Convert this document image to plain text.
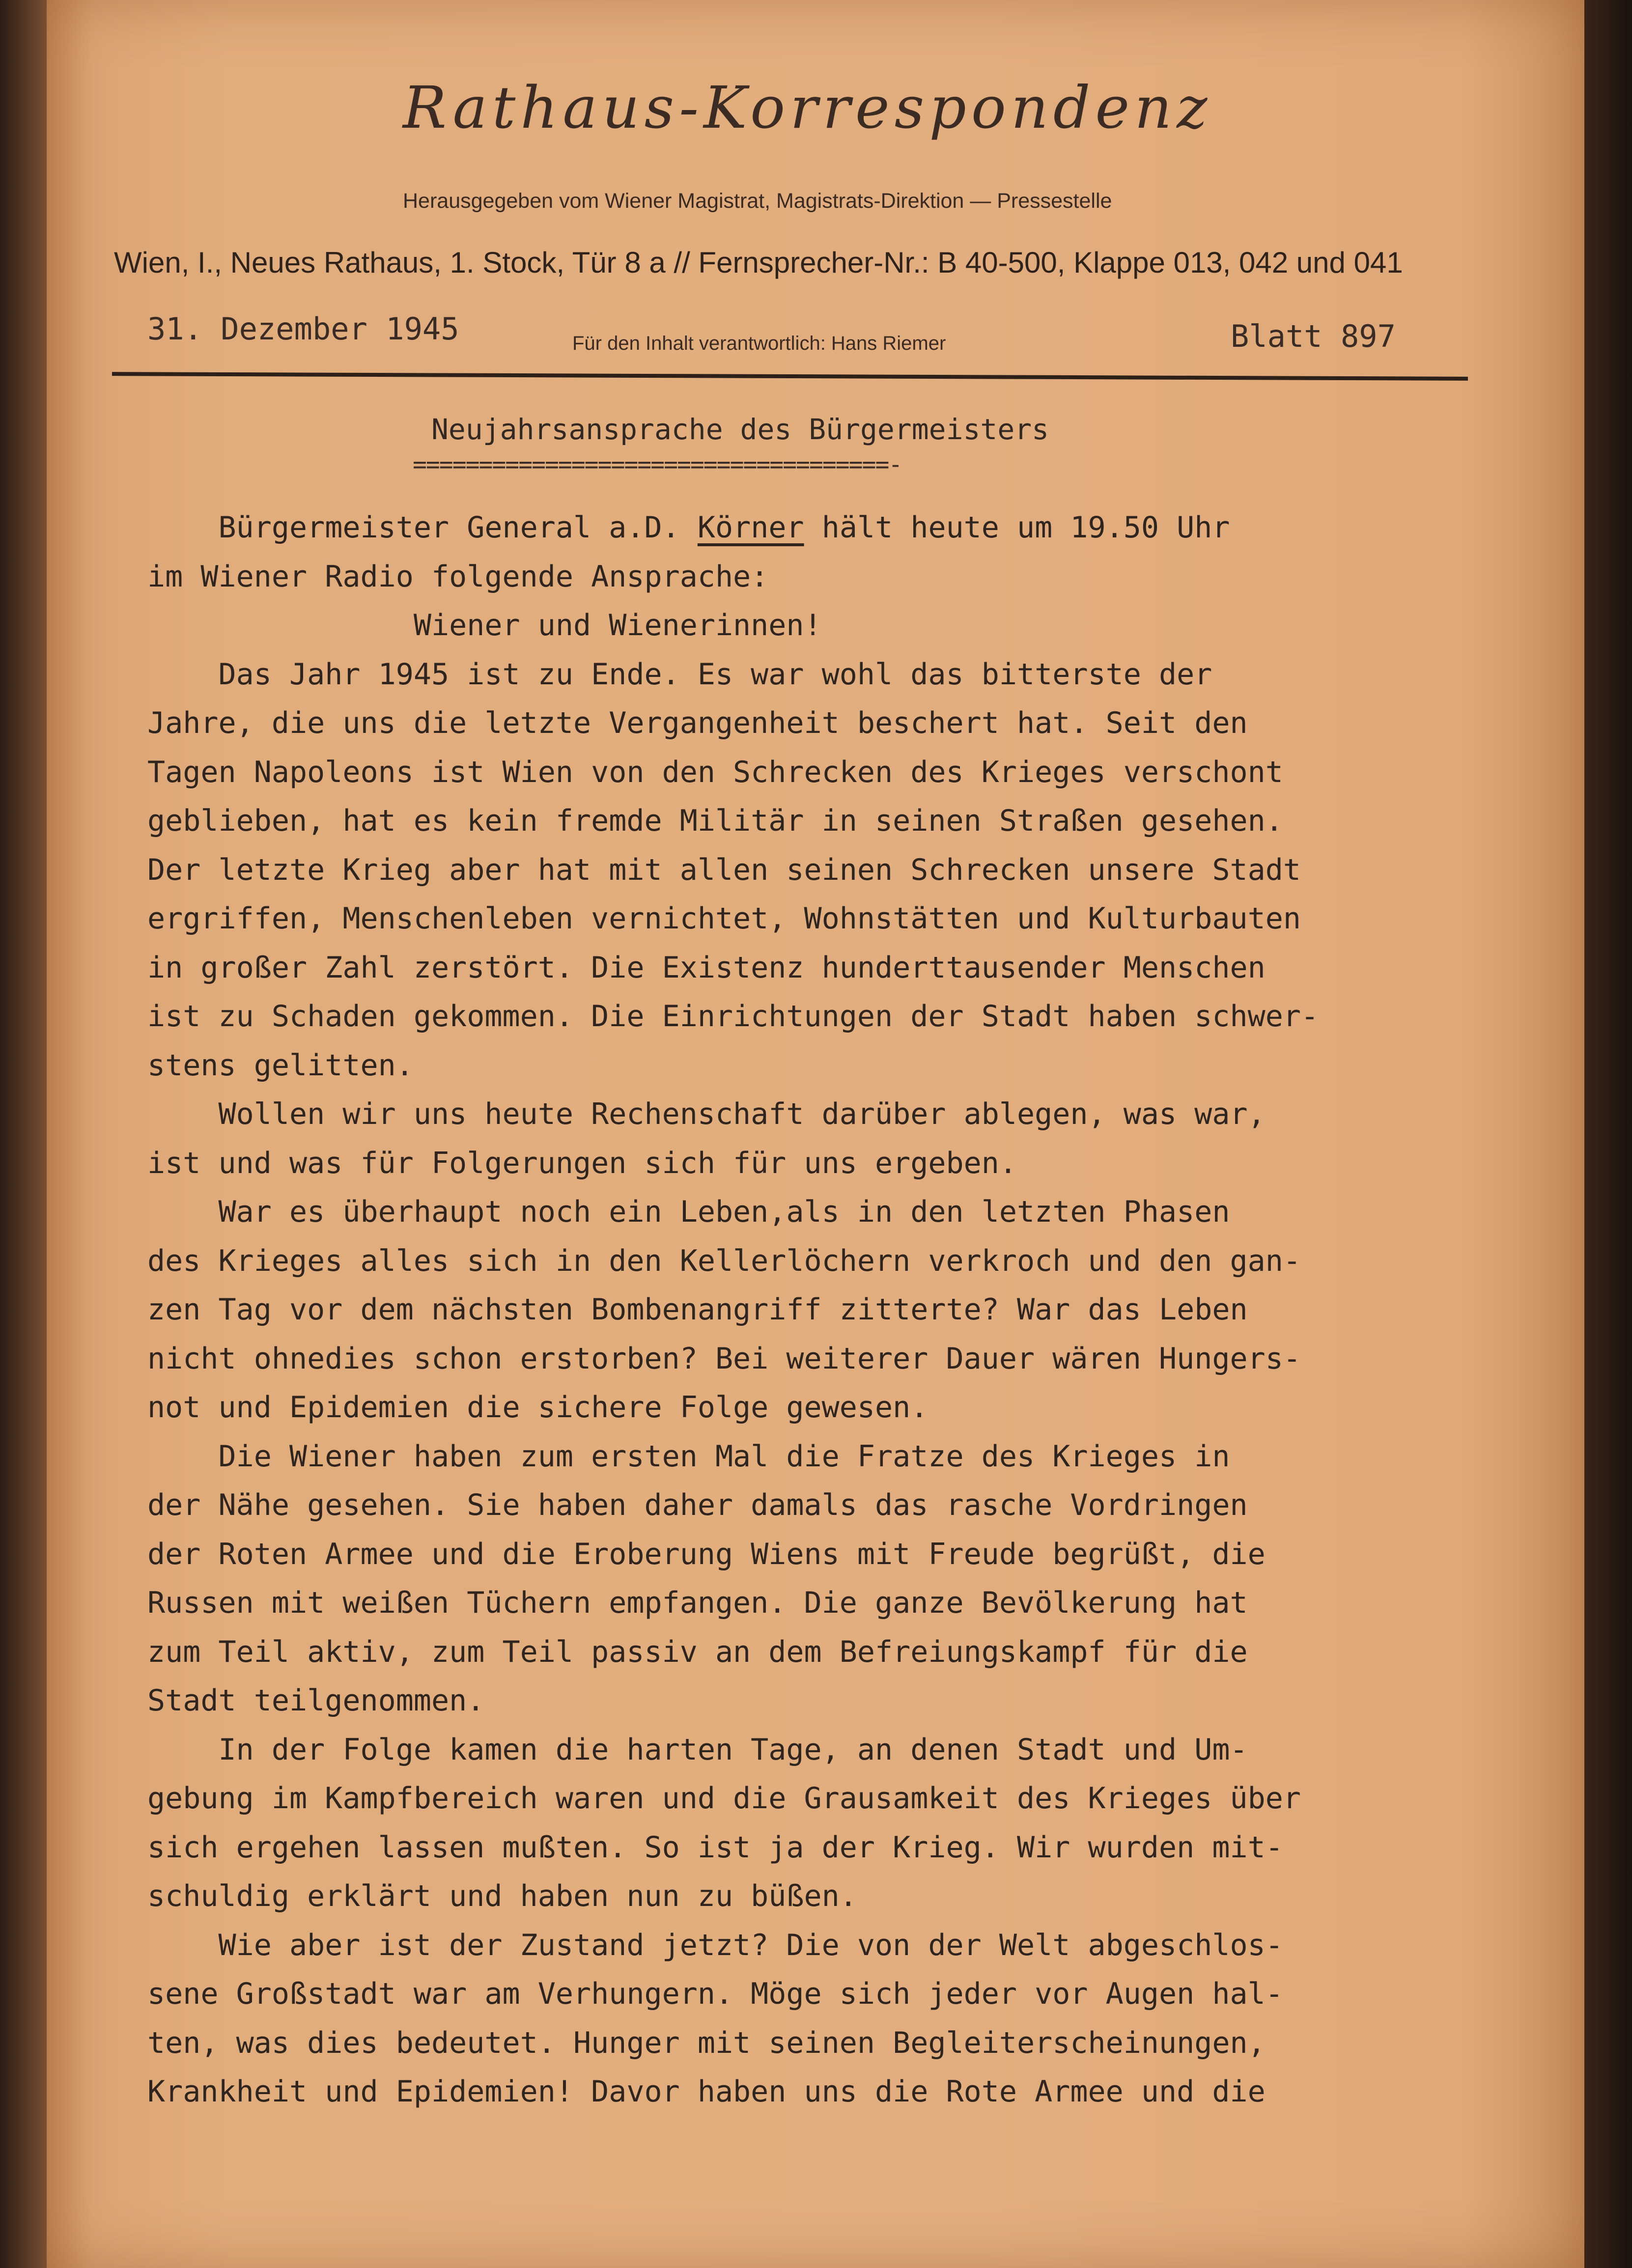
Rathaus-Korrespondenz
Herausgegeben vom Wiener Magistrat, Magistrats-Direktion — Pressestelle
Wien, I., Neues Rathaus, 1. Stock, Tür 8 a // Fernsprecher-Nr.: B 40-500, Klappe 013, 042 und 041
31. Dezember 1945	Für den Inhalt verantwortlich: Hans Riemer	Blatt 897
Neujahrsansprache des Bürgermeisters
====================================-
Bürgermeister General a.D. Körner hält heute um 19.50 Uhr
im Wiener Radio folgende Ansprache:
Wiener und Wienerinnen!
Das Jahr 1945 ist zu Ende. Es war wohl das bitterste der
Jahre, die uns die letzte Vergangenheit beschert hat. Seit den
Tagen Napoleons ist Wien von den Schrecken des Krieges verschont
geblieben, hat es kein fremde Militär in seinen Straßen gesehen.
Der letzte Krieg aber hat mit allen seinen Schrecken unsere Stadt
ergriffen, Menschenleben vernichtet, Wohnstätten und Kulturbauten
in großer Zahl zerstört. Die Existenz hunderttausender Menschen
ist zu Schaden gekommen. Die Einrichtungen der Stadt haben schwer-
stens gelitten.
Wollen wir uns heute Rechenschaft darüber ablegen, was war,
ist und was für Folgerungen sich für uns ergeben.
War es überhaupt noch ein Leben,als in den letzten Phasen
des Krieges alles sich in den Kellerlöchern verkroch und den gan-
zen Tag vor dem nächsten Bombenangriff zitterte? War das Leben
nicht ohnedies schon erstorben? Bei weiterer Dauer wären Hungers-
not und Epidemien die sichere Folge gewesen.
Die Wiener haben zum ersten Mal die Fratze des Krieges in
der Nähe gesehen. Sie haben daher damals das rasche Vordringen
der Roten Armee und die Eroberung Wiens mit Freude begrüßt, die
Russen mit weißen Tüchern empfangen. Die ganze Bevölkerung hat
zum Teil aktiv, zum Teil passiv an dem Befreiungskampf für die
Stadt teilgenommen.
In der Folge kamen die harten Tage, an denen Stadt und Um-
gebung im Kampfbereich waren und die Grausamkeit des Krieges über
sich ergehen lassen mußten. So ist ja der Krieg. Wir wurden mit-
schuldig erklärt und haben nun zu büßen.
Wie aber ist der Zustand jetzt? Die von der Welt abgeschlos-
sene Großstadt war am Verhungern. Möge sich jeder vor Augen hal-
ten, was dies bedeutet. Hunger mit seinen Begleiterscheinungen,
Krankheit und Epidemien! Davor haben uns die Rote Armee und die
